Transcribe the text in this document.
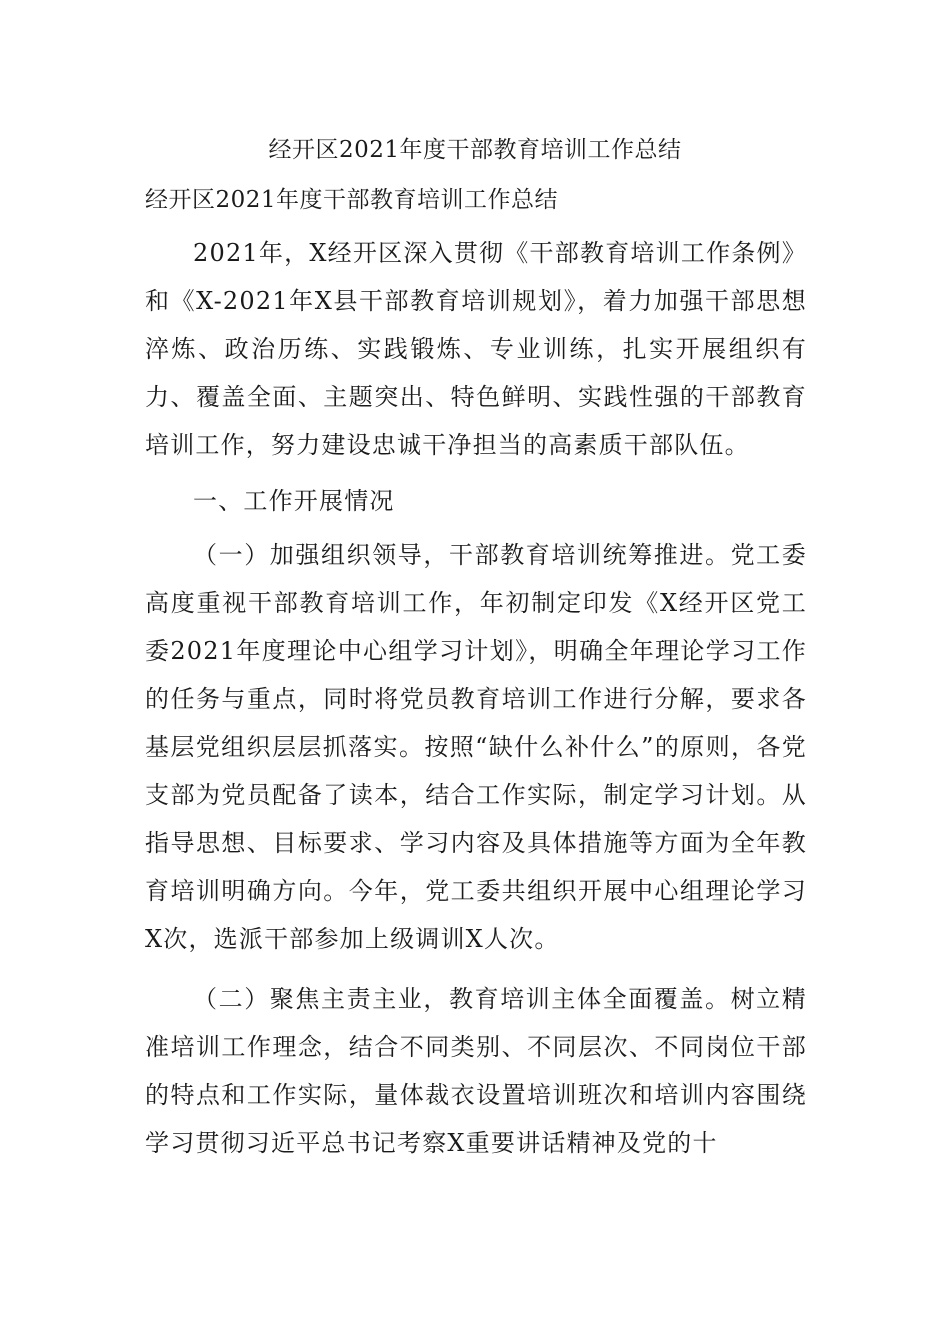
经开区2021年度干部教育培训工作总结
经开区2021年度干部教育培训工作总结

2021年，X经开区深入贯彻《干部教育培训工作条例》和《X-2021年X县干部教育培训规划》，着力加强干部思想淬炼、政治历练、实践锻炼、专业训练，扎实开展组织有力、覆盖全面、主题突出、特色鲜明、实践性强的干部教育培训工作，努力建设忠诚干净担当的高素质干部队伍。

一、工作开展情况

（一）加强组织领导，干部教育培训统筹推进。党工委高度重视干部教育培训工作，年初制定印发《X经开区党工委2021年度理论中心组学习计划》，明确全年理论学习工作的任务与重点，同时将党员教育培训工作进行分解，要求各基层党组织层层抓落实。按照“缺什么补什么”的原则，各党支部为党员配备了读本，结合工作实际，制定学习计划。从指导思想、目标要求、学习内容及具体措施等方面为全年教育培训明确方向。今年，党工委共组织开展中心组理论学习X次，选派干部参加上级调训X人次。

（二）聚焦主责主业，教育培训主体全面覆盖。树立精准培训工作理念，结合不同类别、不同层次、不同岗位干部的特点和工作实际，量体裁衣设置培训班次和培训内容围绕学习贯彻习近平总书记考察X重要讲话精神及党的十
